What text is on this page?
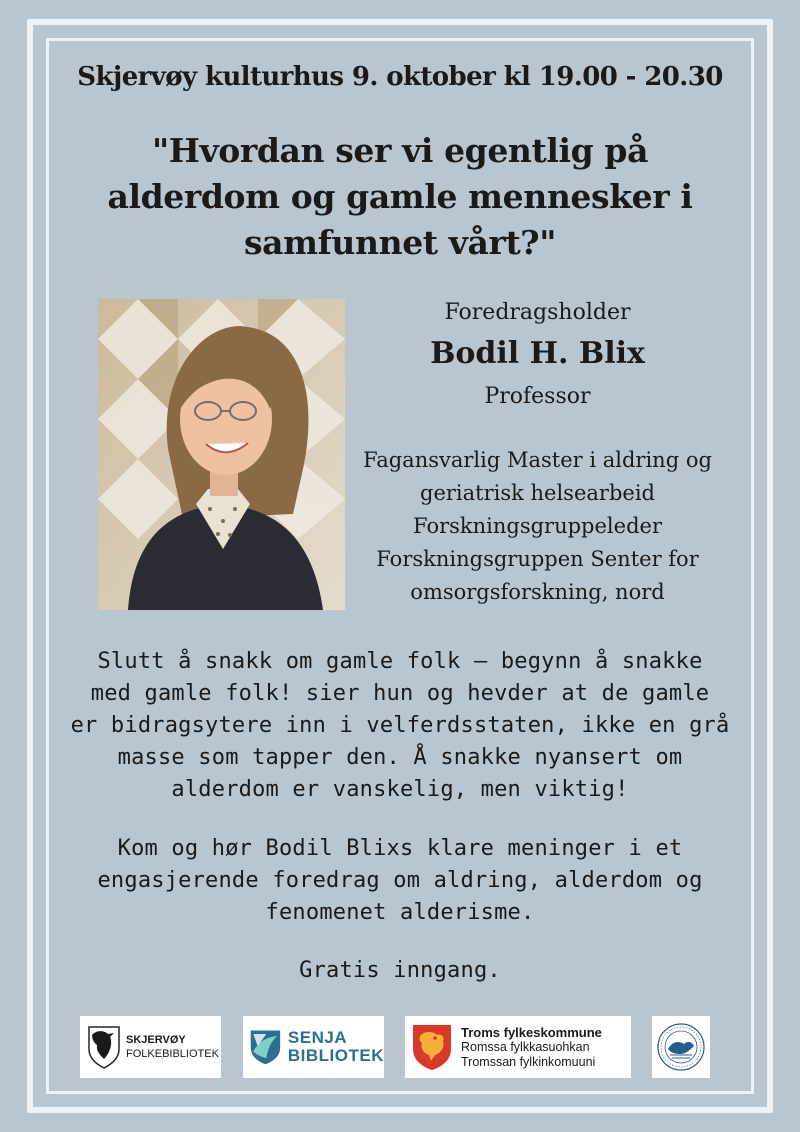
Skjervøy kulturhus 9. oktober kl 19.00 - 20.30
"Hvordan ser vi egentlig på
alderdom og gamle mennesker i
samfunnet vårt?"
Foredragsholder
Bodil H. Blix
Professor
Fagansvarlig Master i aldring og
geriatrisk helsearbeid
Forskningsgruppeleder
Forskningsgruppen Senter for
omsorgsforskning, nord
Slutt å snakk om gamle folk – begynn å snakke
med gamle folk! sier hun og hevder at de gamle
er bidragsytere inn i velferdsstaten, ikke en grå
masse som tapper den. Å snakke nyansert om
alderdom er vanskelig, men viktig!
Kom og hør Bodil Blixs klare meninger i et
engasjerende foredrag om aldring, alderdom og
fenomenet alderisme.
Gratis inngang.
SKJERVØY
FOLKEBIBLIOTEK
SENJA
BIBLIOTEK
Troms fylkeskommune
Romssa fylkkasuohkan
Tromssan fylkinkomuuni
